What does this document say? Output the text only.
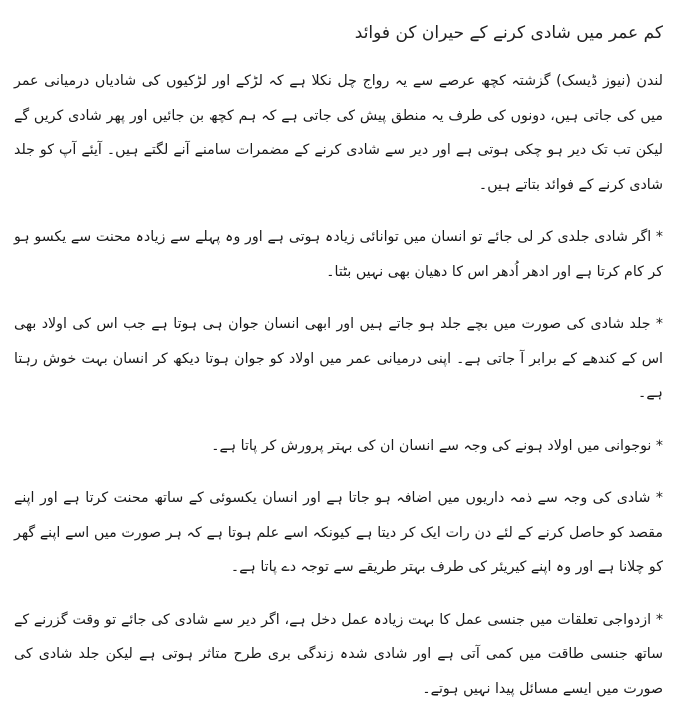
کم عمر میں شادی کرنے کے حیران کن فوائد

لندن (نیوز ڈیسک) گزشتہ کچھ عرصے سے یہ رواج چل نکلا ہے کہ لڑکے اور لڑکیوں کی شادیاں درمیانی عمر میں کی جاتی ہیں، دونوں کی طرف یہ منطق پیش کی جاتی ہے کہ ہم کچھ بن جائیں اور پھر شادی کریں گے لیکن تب تک دیر ہو چکی ہوتی ہے اور دیر سے شادی کرنے کے مضمرات سامنے آنے لگتے ہیں۔ آیئے آپ کو جلد شادی کرنے کے فوائد بتاتے ہیں۔

* اگر شادی جلدی کر لی جائے تو انسان میں توانائی زیادہ ہوتی ہے اور وہ پہلے سے زیادہ محنت سے یکسو ہو کر کام کرتا ہے اور ادھر اُدھر اس کا دھیان بھی نہیں بٹتا۔

* جلد شادی کی صورت میں بچے جلد ہو جاتے ہیں اور ابھی انسان جوان ہی ہوتا ہے جب اس کی اولاد بھی اس کے کندھے کے برابر آ جاتی ہے۔ اپنی درمیانی عمر میں اولاد کو جوان ہوتا دیکھ کر انسان بہت خوش رہتا ہے۔

* نوجوانی میں اولاد ہونے کی وجہ سے انسان ان کی بہتر پرورش کر پاتا ہے۔

* شادی کی وجہ سے ذمہ داریوں میں اضافہ ہو جاتا ہے اور انسان یکسوئی کے ساتھ محنت کرتا ہے اور اپنے مقصد کو حاصل کرنے کے لئے دن رات ایک کر دیتا ہے کیونکہ اسے علم ہوتا ہے کہ ہر صورت میں اسے اپنے گھر کو چلانا ہے اور وہ اپنے کیریئر کی طرف بہتر طریقے سے توجہ دے پاتا ہے۔

* ازدواجی تعلقات میں جنسی عمل کا بہت زیادہ عمل دخل ہے، اگر دیر سے شادی کی جائے تو وقت گزرنے کے ساتھ جنسی طاقت میں کمی آتی ہے اور شادی شدہ زندگی بری طرح متاثر ہوتی ہے لیکن جلد شادی کی صورت میں ایسے مسائل پیدا نہیں ہوتے۔
